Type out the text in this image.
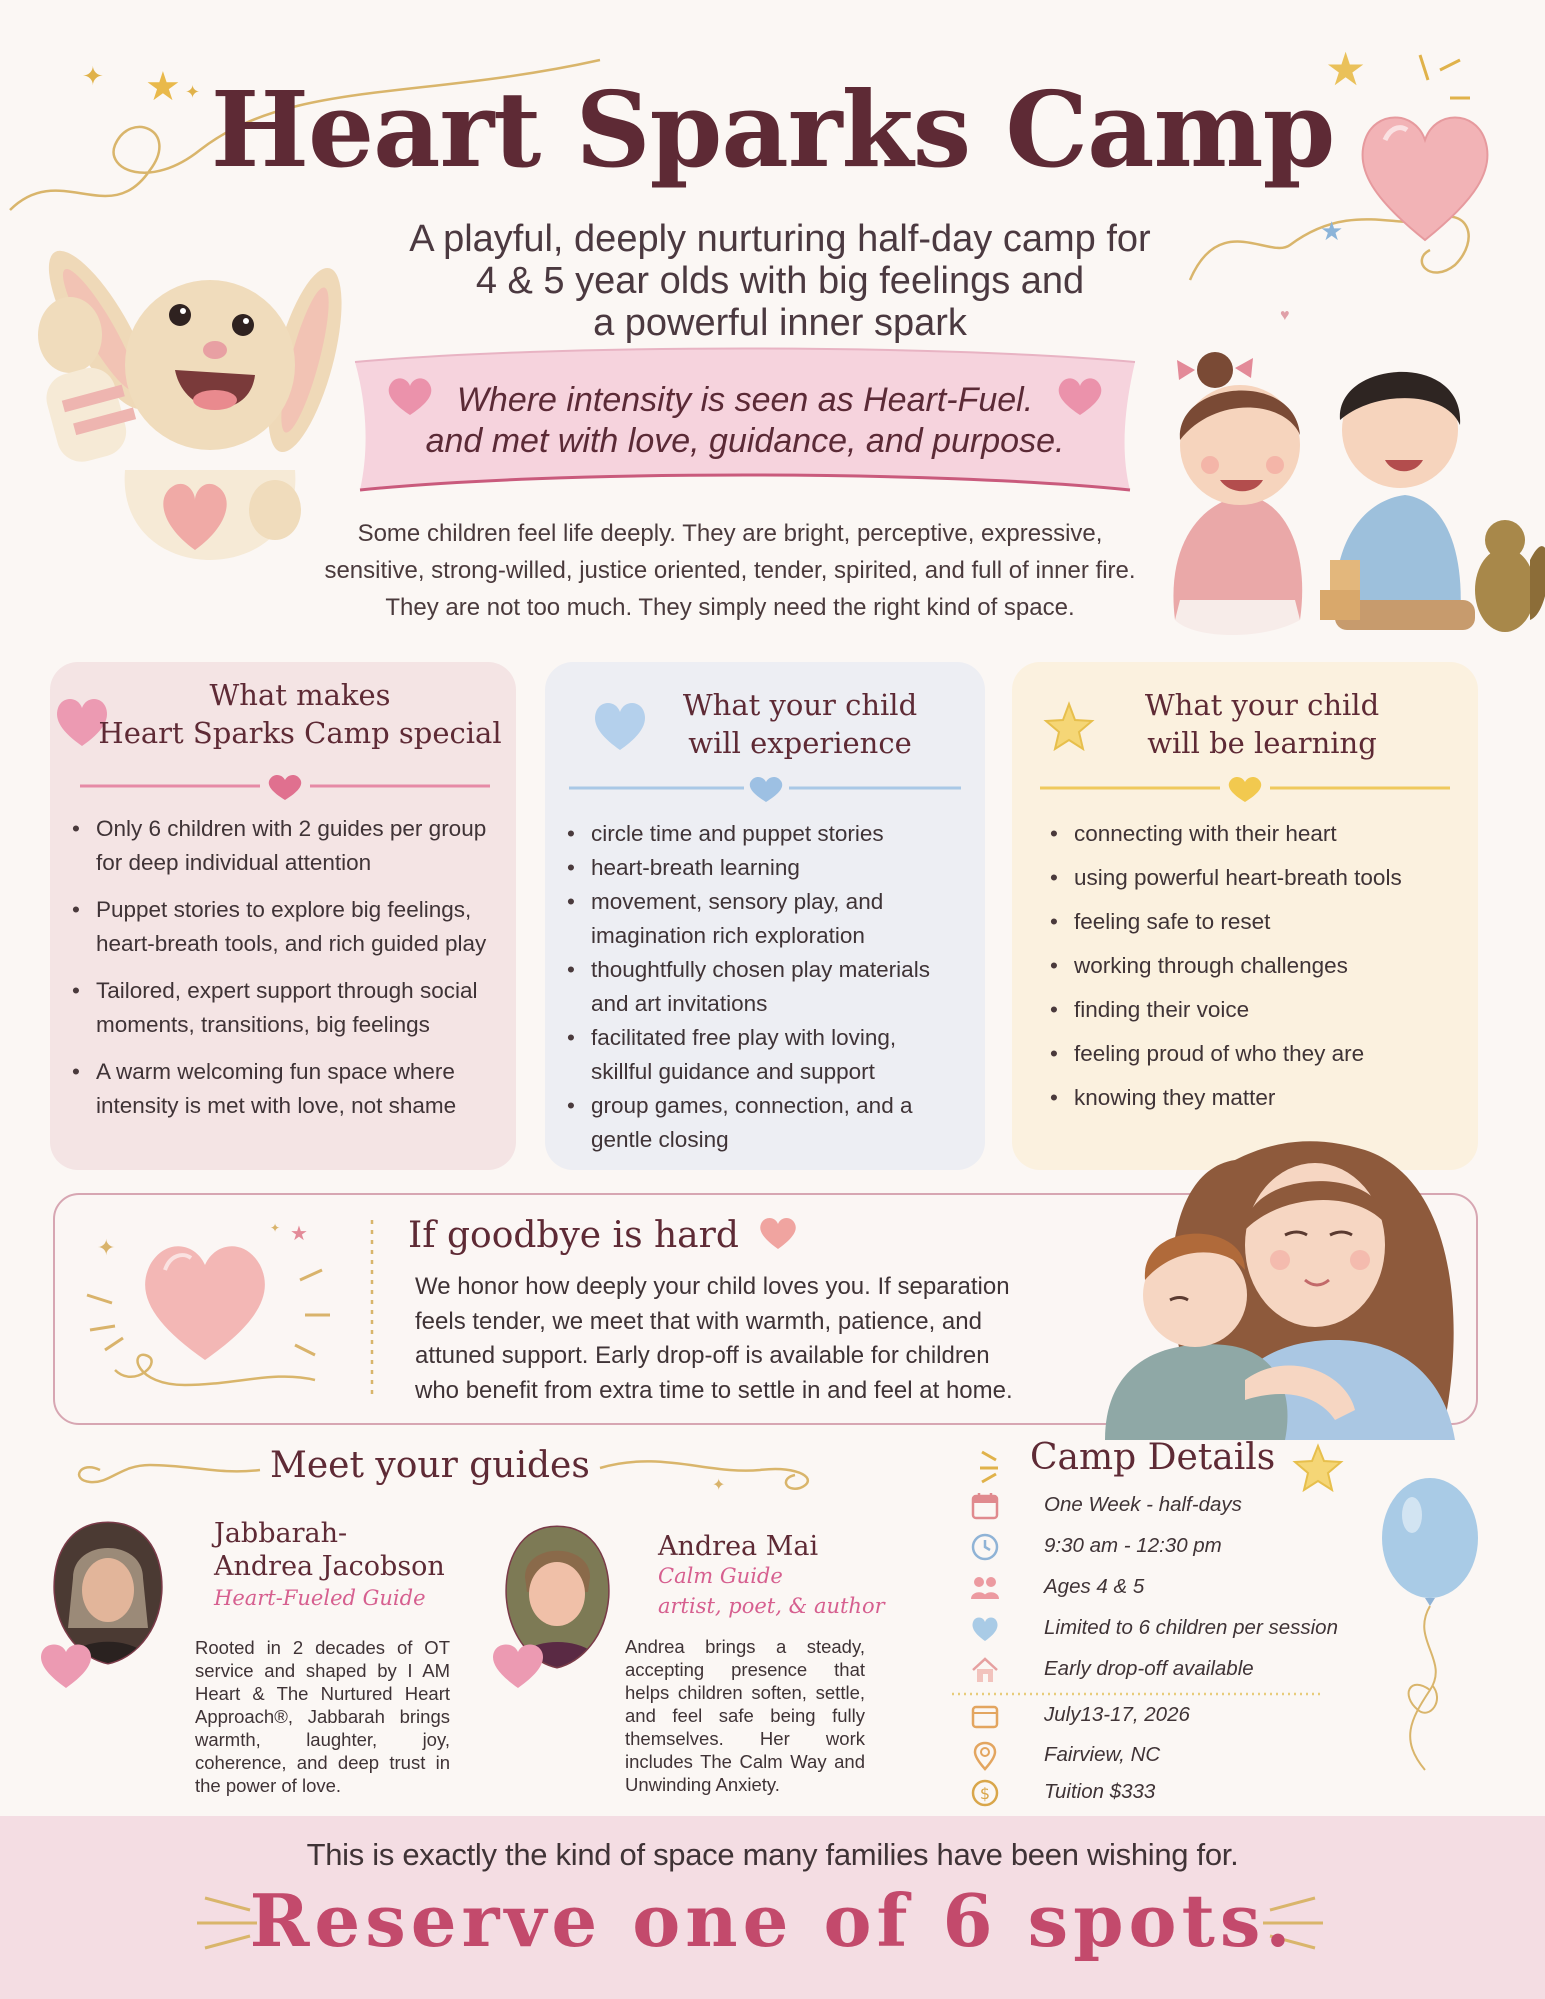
✦ ★ ✦	★
★
♥
Heart Sparks Camp
A playful, deeply nurturing half-day camp for
4 & 5 year olds with big feelings and
a powerful inner spark
Where intensity is seen as Heart-Fuel.
and met with love, guidance, and purpose.
Some children feel life deeply. They are bright, perceptive, expressive,
sensitive, strong-willed, justice oriented, tender, spirited, and full of inner fire.
They are not too much. They simply need the right kind of space.
What makes
Heart Sparks Camp special
• Only 6 children with 2 guides per group
for deep individual attention
• Puppet stories to explore big feelings,
heart-breath tools, and rich guided play
• Tailored, expert support through social
moments, transitions, big feelings
• A warm welcoming fun space where
intensity is met with love, not shame
What your child
will experience
• circle time and puppet stories
• heart-breath learning
• movement, sensory play, and
imagination rich exploration
• thoughtfully chosen play materials
and art invitations
• facilitated free play with loving,
skillful guidance and support
• group games, connection, and a
gentle closing
What your child
will be learning
• connecting with their heart
• using powerful heart-breath tools
• feeling safe to reset
• working through challenges
• finding their voice
• feeling proud of who they are
• knowing they matter
✦
★
✦	If goodbye is hard
We honor how deeply your child loves you. If separation
feels tender, we meet that with warmth, patience, and
attuned support. Early drop-off is available for children
who benefit from extra time to settle in and feel at home.
✦
Meet your guides
Jabbarah-
Andrea Jacobson
Heart-Fueled Guide
Rooted in 2 decades of OT service and shaped by I AM Heart & The Nurtured Heart Approach®, Jabbarah brings warmth, laughter, joy, coherence, and deep trust in the power of love.
Andrea Mai
Calm Guide
artist, poet, & author
Andrea brings a steady, accepting presence that helps children soften, settle, and feel safe being fully themselves. Her work includes The Calm Way and Unwinding Anxiety.
Camp Details
One Week - half-days
9:30 am - 12:30 pm
Ages 4 & 5
Limited to 6 children per session
Early drop-off available
July13-17, 2026
Fairview, NC
$	Tuition $333
This is exactly the kind of space many families have been wishing for.
Reserve one of 6 spots.
